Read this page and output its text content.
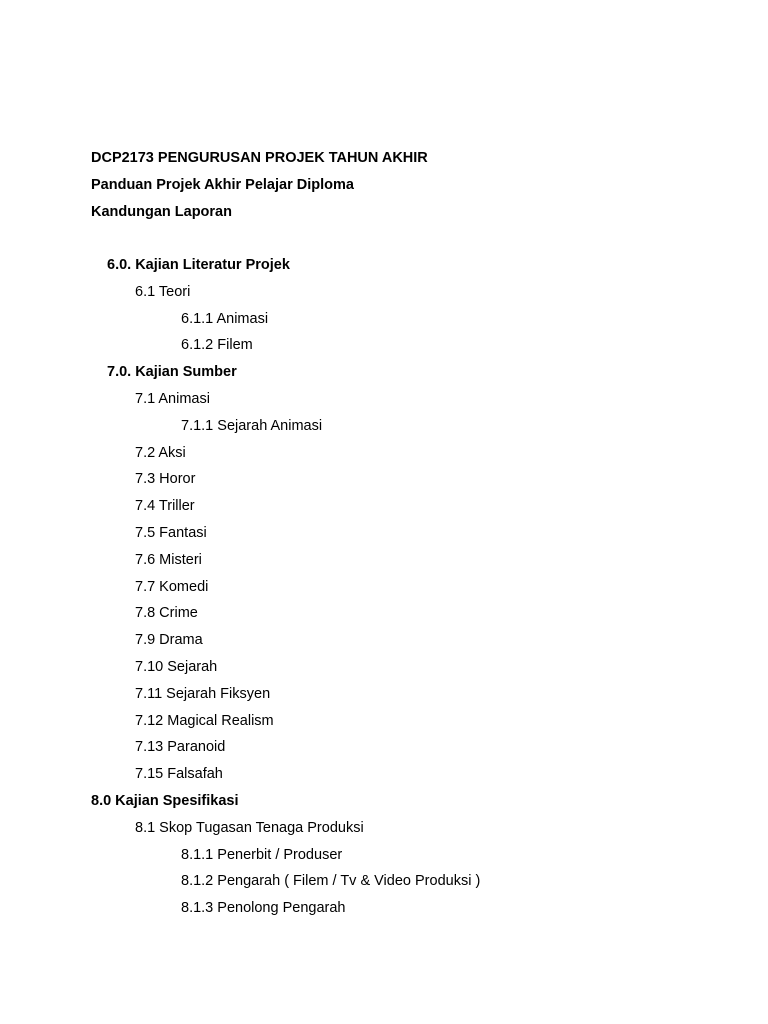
DCP2173 PENGURUSAN PROJEK TAHUN AKHIR
Panduan Projek Akhir Pelajar Diploma
Kandungan Laporan
6.0. Kajian Literatur Projek
6.1 Teori
6.1.1 Animasi
6.1.2 Filem
7.0. Kajian Sumber
7.1 Animasi
7.1.1 Sejarah Animasi
7.2 Aksi
7.3 Horor
7.4 Triller
7.5 Fantasi
7.6 Misteri
7.7 Komedi
7.8 Crime
7.9 Drama
7.10 Sejarah
7.11 Sejarah Fiksyen
7.12 Magical Realism
7.13 Paranoid
7.15 Falsafah
8.0 Kajian Spesifikasi
8.1 Skop Tugasan Tenaga Produksi
8.1.1 Penerbit / Produser
8.1.2 Pengarah ( Filem / Tv & Video Produksi )
8.1.3 Penolong Pengarah
